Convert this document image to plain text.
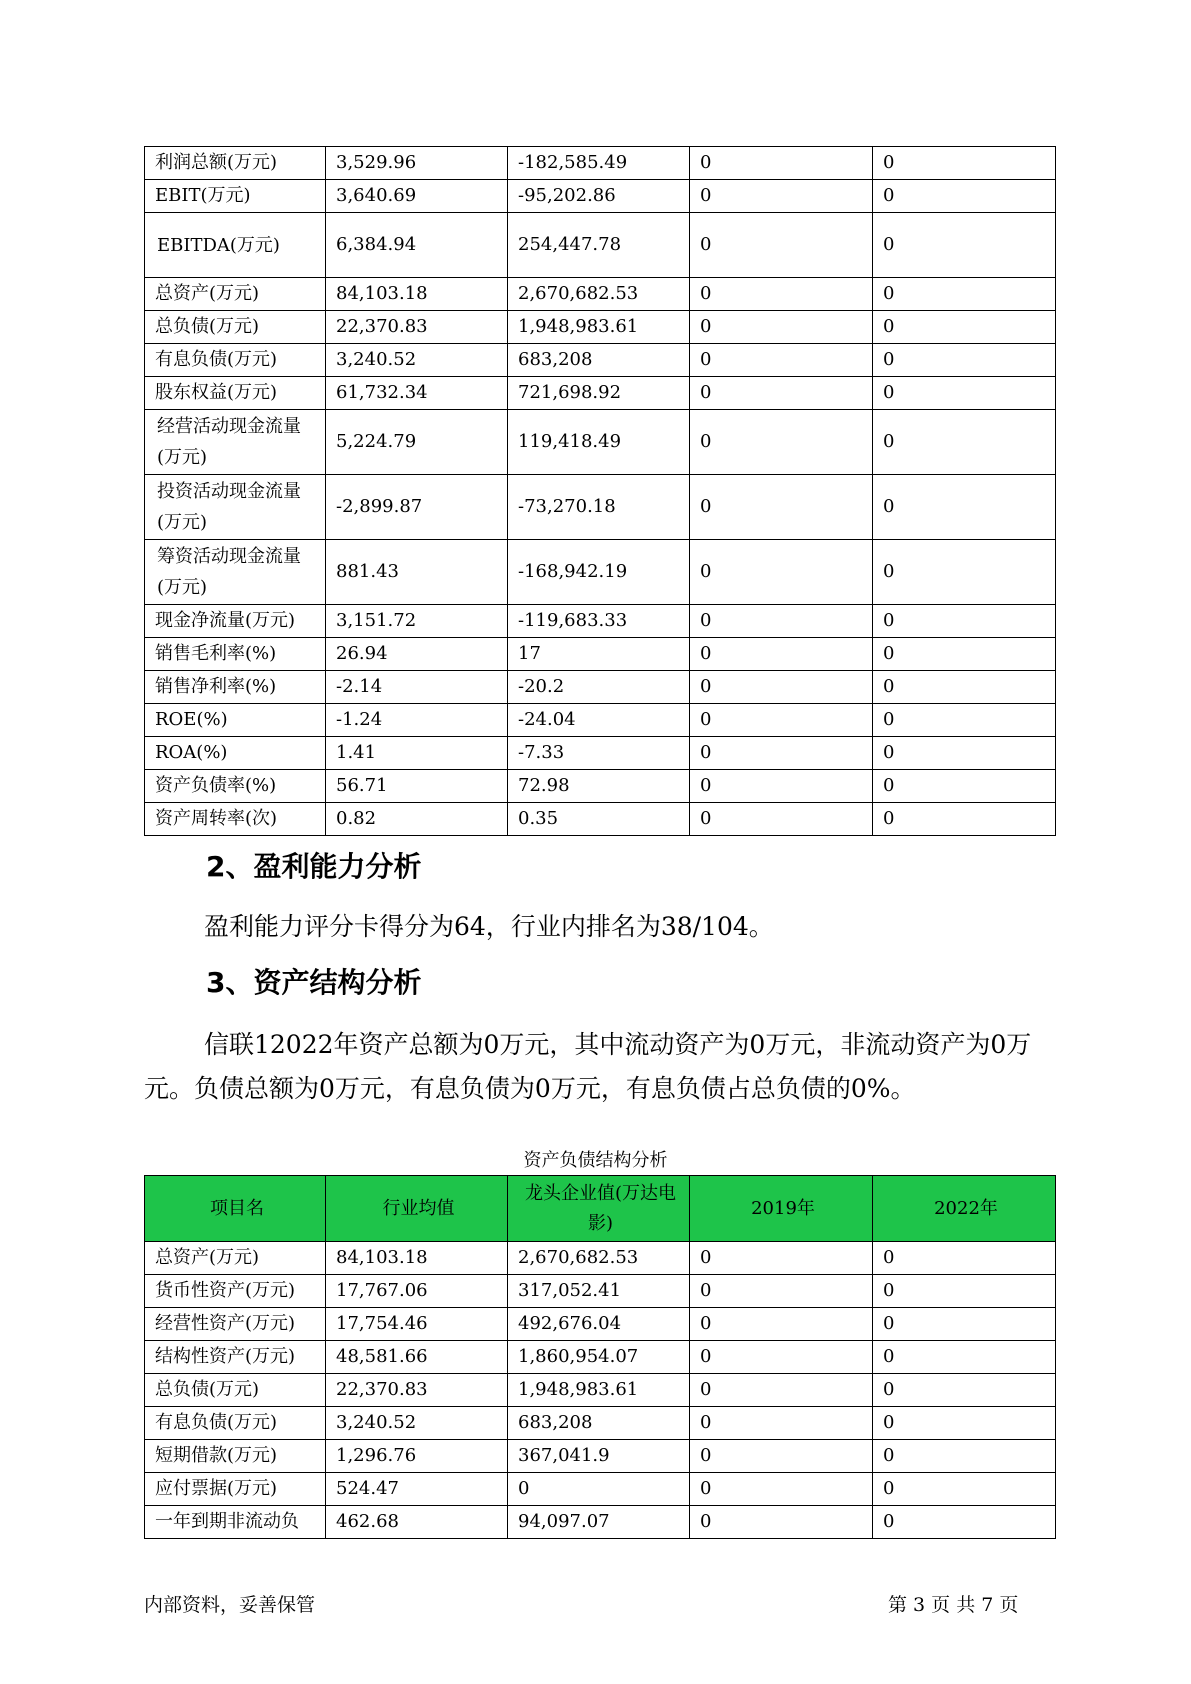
利润总额(万元)	3,529.96	-182,585.49	0	0
EBIT(万元)	3,640.69	-95,202.86	0	0
EBITDA(万元)	6,384.94	254,447.78	0	0
总资产(万元)	84,103.18	2,670,682.53	0	0
总负债(万元)	22,370.83	1,948,983.61	0	0
有息负债(万元)	3,240.52	683,208	0	0
股东权益(万元)	61,732.34	721,698.92	0	0
经营活动现金流量(万元)	5,224.79	119,418.49	0	0
投资活动现金流量(万元)	-2,899.87	-73,270.18	0	0
筹资活动现金流量(万元)	881.43	-168,942.19	0	0
现金净流量(万元)	3,151.72	-119,683.33	0	0
销售毛利率(%)	26.94	17	0	0
销售净利率(%)	-2.14	-20.2	0	0
ROE(%)	-1.24	-24.04	0	0
ROA(%)	1.41	-7.33	0	0
资产负债率(%)	56.71	72.98	0	0
资产周转率(次)	0.82	0.35	0	0
2、盈利能力分析
盈利能力评分卡得分为64，行业内排名为38/104。
3、资产结构分析
信联12022年资产总额为0万元，其中流动资产为0万元，非流动资产为0万元。负债总额为0万元，有息负债为0万元，有息负债占总负债的0%。
资产负债结构分析
项目名	行业均值	龙头企业值(万达电影)	2019年	2022年
总资产(万元)	84,103.18	2,670,682.53	0	0
货币性资产(万元)	17,767.06	317,052.41	0	0
经营性资产(万元)	17,754.46	492,676.04	0	0
结构性资产(万元)	48,581.66	1,860,954.07	0	0
总负债(万元)	22,370.83	1,948,983.61	0	0
有息负债(万元)	3,240.52	683,208	0	0
短期借款(万元)	1,296.76	367,041.9	0	0
应付票据(万元)	524.47	0	0	0
一年到期非流动负	462.68	94,097.07	0	0
内部资料，妥善保管	第 3 页 共 7 页
